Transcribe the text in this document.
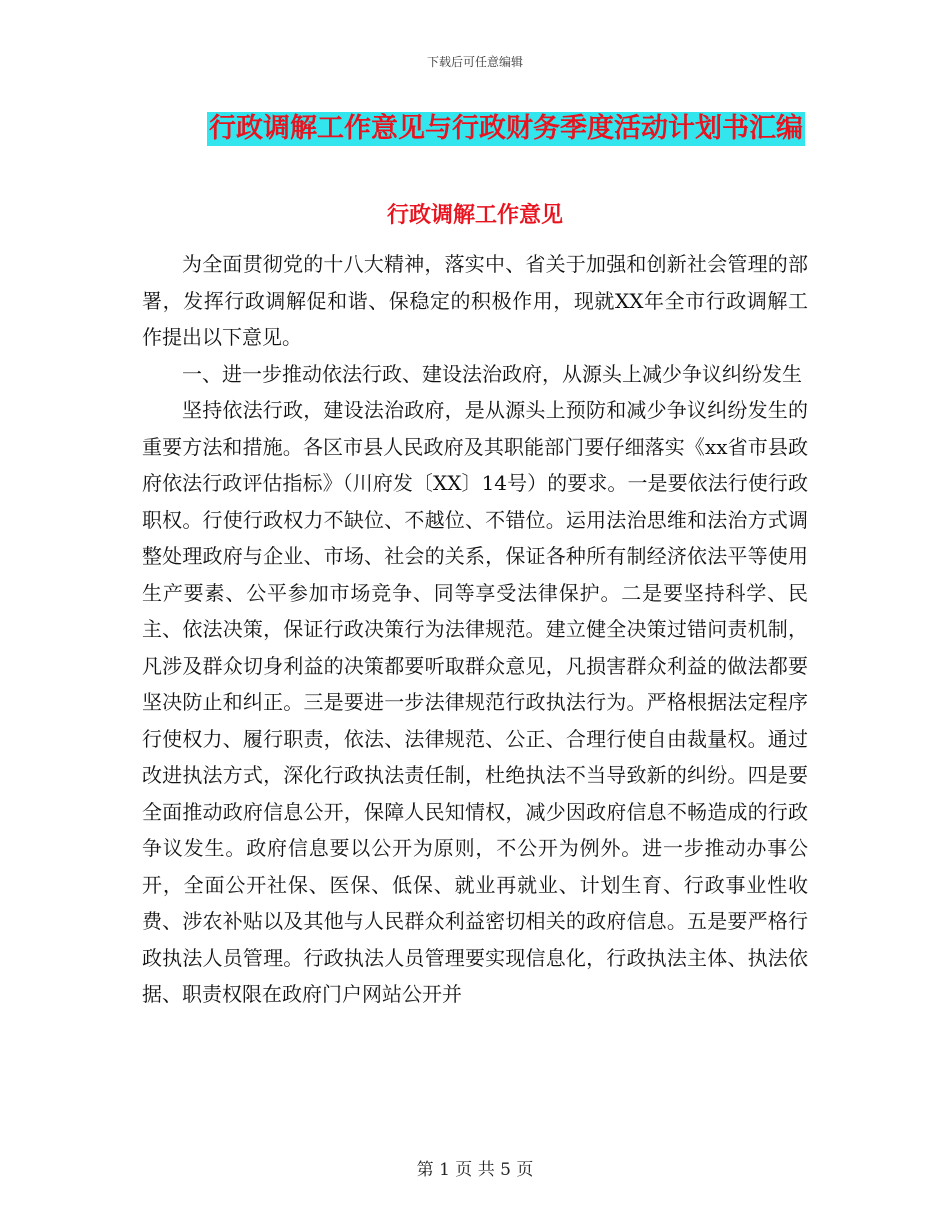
下载后可任意编辑
行政调解工作意见与行政财务季度活动计划书汇编
行政调解工作意见

为全面贯彻党的十八大精神，落实中、省关于加强和创新社会管理的部署，发挥行政调解促和谐、保稳定的积极作用，现就XX年全市行政调解工作提出以下意见。

一、进一步推动依法行政、建设法治政府，从源头上减少争议纠纷发生

坚持依法行政，建设法治政府，是从源头上预防和减少争议纠纷发生的重要方法和措施。各区市县人民政府及其职能部门要仔细落实《xx省市县政府依法行政评估指标》（川府发〔XX〕14号）的要求。一是要依法行使行政职权。行使行政权力不缺位、不越位、不错位。运用法治思维和法治方式调整处理政府与企业、市场、社会的关系，保证各种所有制经济依法平等使用生产要素、公平参加市场竞争、同等享受法律保护。二是要坚持科学、民主、依法决策，保证行政决策行为法律规范。建立健全决策过错问责机制，凡涉及群众切身利益的决策都要听取群众意见，凡损害群众利益的做法都要坚决防止和纠正。三是要进一步法律规范行政执法行为。严格根据法定程序行使权力、履行职责，依法、法律规范、公正、合理行使自由裁量权。通过改进执法方式，深化行政执法责任制，杜绝执法不当导致新的纠纷。四是要全面推动政府信息公开，保障人民知情权，减少因政府信息不畅造成的行政争议发生。政府信息要以公开为原则，不公开为例外。进一步推动办事公开，全面公开社保、医保、低保、就业再就业、计划生育、行政事业性收费、涉农补贴以及其他与人民群众利益密切相关的政府信息。五是要严格行政执法人员管理。行政执法人员管理要实现信息化，行政执法主体、执法依据、职责权限在政府门户网站公开并

第 1 页 共 5 页
